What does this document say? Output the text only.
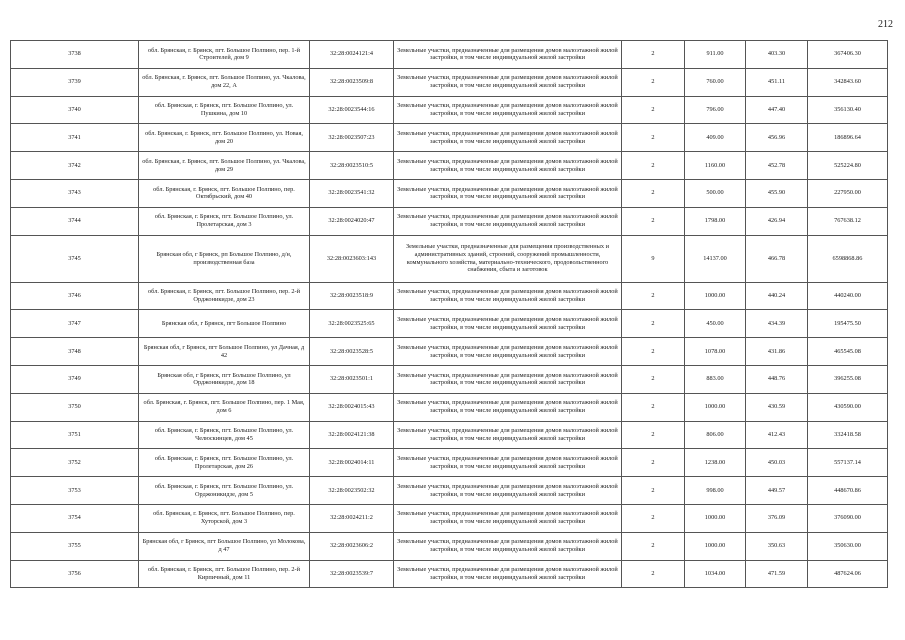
212
3738	обл. Брянская, г. Брянск, пгт. Большое Полпино, пер. 1-й Строителей, дом 9	32:28:0024121:4	Земельные участки, предназначенные для размещения домов малоэтажной жилой застройки, в том числе индивидуальной жилой застройки	2	911.00	403.30	367406.30
3739	обл. Брянская, г. Брянск, пгт. Большое Полпино, ул. Чкалова, дом 22, А	32:28:0023509:8	Земельные участки, предназначенные для размещения домов малоэтажной жилой застройки, в том числе индивидуальной жилой застройки	2	760.00	451.11	342843.60
3740	обл. Брянская, г. Брянск, пгт. Большое Полпино, ул. Пушкина, дом 10	32:28:0023544:16	Земельные участки, предназначенные для размещения домов малоэтажной жилой застройки, в том числе индивидуальной жилой застройки	2	796.00	447.40	356130.40
3741	обл. Брянская, г. Брянск, пгт. Большое Полпино, ул. Новая, дом 20	32:28:0023507:23	Земельные участки, предназначенные для размещения домов малоэтажной жилой застройки, в том числе индивидуальной жилой застройки	2	409.00	456.96	186896.64
3742	обл. Брянская, г. Брянск, пгт. Большое Полпино, ул. Чкалова, дом 29	32:28:0023510:5	Земельные участки, предназначенные для размещения домов малоэтажной жилой застройки, в том числе индивидуальной жилой застройки	2	1160.00	452.78	525224.80
3743	обл. Брянская, г. Брянск, пгт. Большое Полпино, пер. Октябрьский, дом 40	32:28:0023541:32	Земельные участки, предназначенные для размещения домов малоэтажной жилой застройки, в том числе индивидуальной жилой застройки	2	500.00	455.90	227950.00
3744	обл. Брянская, г. Брянск, пгт. Большое Полпино, ул. Пролетарская, дом 3	32:28:0024020:47	Земельные участки, предназначенные для размещения домов малоэтажной жилой застройки, в том числе индивидуальной жилой застройки	2	1798.00	426.94	767638.12
3745	Брянская обл, г Брянск, рп Большое Полпино, д/н, производственная база	32:28:0023603:143	Земельные участки, предназначенные для размещения производственных и административных зданий, строений, сооружений промышленности, коммунального хозяйства, материально-технического, продовольственного снабжения, сбыта и заготовок	9	14137.00	466.78	6598868.86
3746	обл. Брянская, г. Брянск, пгт. Большое Полпино, пер. 2-й Орджоникидзе, дом 23	32:28:0023518:9	Земельные участки, предназначенные для размещения домов малоэтажной жилой застройки, в том числе индивидуальной жилой застройки	2	1000.00	440.24	440240.00
3747	Брянская обл, г Брянск, пгт Большое Полпино	32:28:0023525:65	Земельные участки, предназначенные для размещения домов малоэтажной жилой застройки, в том числе индивидуальной жилой застройки	2	450.00	434.39	195475.50
3748	Брянская обл, г Брянск, пгт Большое Полпино, ул Дачная, д 42	32:28:0023528:5	Земельные участки, предназначенные для размещения домов малоэтажной жилой застройки, в том числе индивидуальной жилой застройки	2	1078.00	431.86	465545.08
3749	Брянская обл, г Брянск, пгт Большое Полпино, ул Орджоникидзе, дом 18	32:28:0023501:1	Земельные участки, предназначенные для размещения домов малоэтажной жилой застройки, в том числе индивидуальной жилой застройки	2	883.00	448.76	396255.08
3750	обл. Брянская, г. Брянск, пгт. Большое Полпино, пер. 1 Мая, дом 6	32:28:0024015:43	Земельные участки, предназначенные для размещения домов малоэтажной жилой застройки, в том числе индивидуальной жилой застройки	2	1000.00	430.59	430590.00
3751	обл. Брянская, г. Брянск, пгт. Большое Полпино, ул. Челюскинцев, дом 45	32:28:0024121:38	Земельные участки, предназначенные для размещения домов малоэтажной жилой застройки, в том числе индивидуальной жилой застройки	2	806.00	412.43	332418.58
3752	обл. Брянская, г. Брянск, пгт. Большое Полпино, ул. Пролетарская, дом 26	32:28:0024014:11	Земельные участки, предназначенные для размещения домов малоэтажной жилой застройки, в том числе индивидуальной жилой застройки	2	1238.00	450.03	557137.14
3753	обл. Брянская, г. Брянск, пгт. Большое Полпино, ул. Орджоникидзе, дом 5	32:28:0023502:32	Земельные участки, предназначенные для размещения домов малоэтажной жилой застройки, в том числе индивидуальной жилой застройки	2	998.00	449.57	448670.86
3754	обл. Брянская, г. Брянск, пгт. Большое Полпино, пер. Хуторской, дом 3	32:28:0024211:2	Земельные участки, предназначенные для размещения домов малоэтажной жилой застройки, в том числе индивидуальной жилой застройки	2	1000.00	376.09	376090.00
3755	Брянская обл, г Брянск, пгт Большое Полпино, ул Молокова, д 47	32:28:0023606:2	Земельные участки, предназначенные для размещения домов малоэтажной жилой застройки, в том числе индивидуальной жилой застройки	2	1000.00	350.63	350630.00
3756	обл. Брянская, г. Брянск, пгт. Большое Полпино, пер. 2-й Кирпичный, дом 11	32:28:0023539:7	Земельные участки, предназначенные для размещения домов малоэтажной жилой застройки, в том числе индивидуальной жилой застройки	2	1034.00	471.59	487624.06
